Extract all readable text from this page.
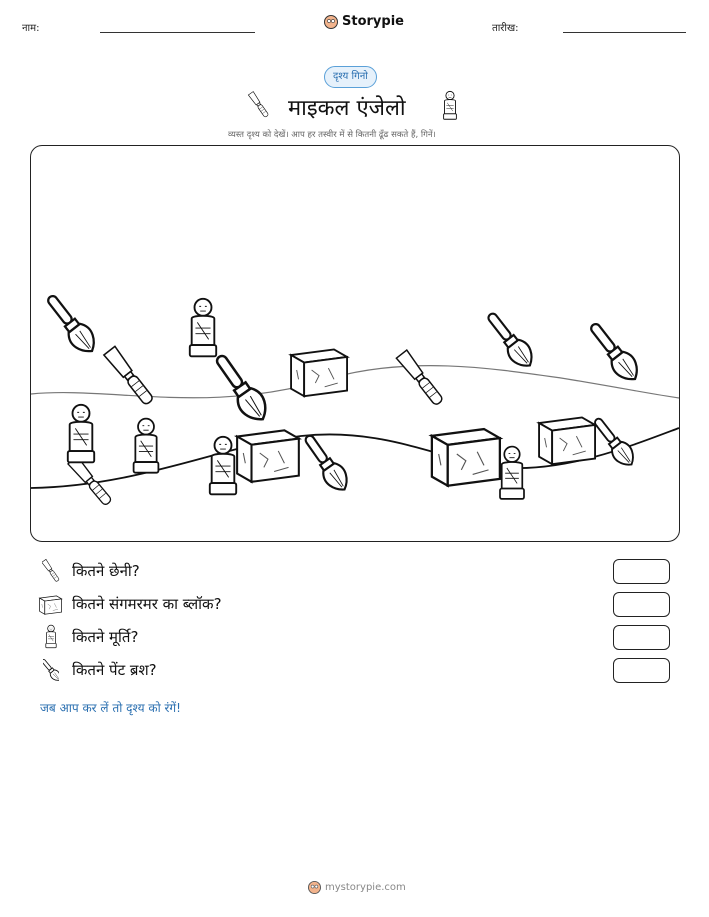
नाम:	Storypie	तारीख:
दृश्य गिनो
माइकल एंजेलो
व्यस्त दृश्य को देखें। आप हर तस्वीर में से कितनी ढूँढ सकते हैं, गिनें।
कितने छेनी?
कितने संगमरमर का ब्लॉक?
कितने मूर्ति?
कितने पेंट ब्रश?
जब आप कर लें तो दृश्य को रंगें!
mystorypie.com
